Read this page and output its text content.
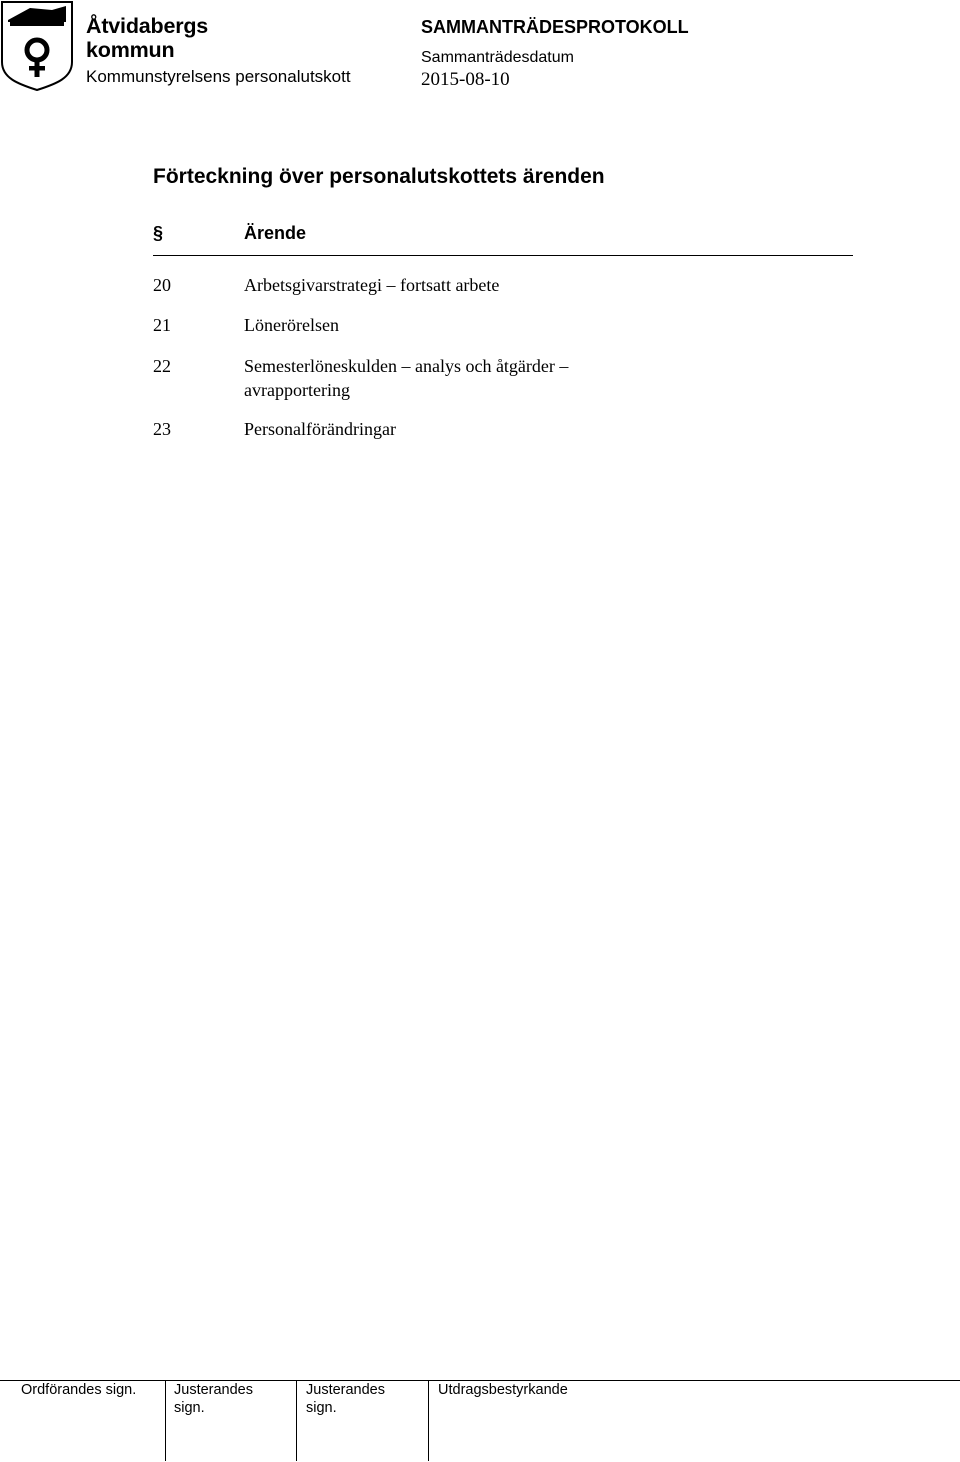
Åtvidabergs
kommun
Kommunstyrelsens personalutskott
SAMMANTRÄDESPROTOKOLL
Sammanträdesdatum
2015-08-10
Förteckning över personalutskottets ärenden
§	Ärende
20	Arbetsgivarstrategi – fortsatt arbete
21	Lönerörelsen
22	Semesterlöneskulden – analys och åtgärder –
avrapportering
23	Personalförändringar
Ordförandes sign.	Justerandes
sign.
Justerandes
sign.
Utdragsbestyrkande
